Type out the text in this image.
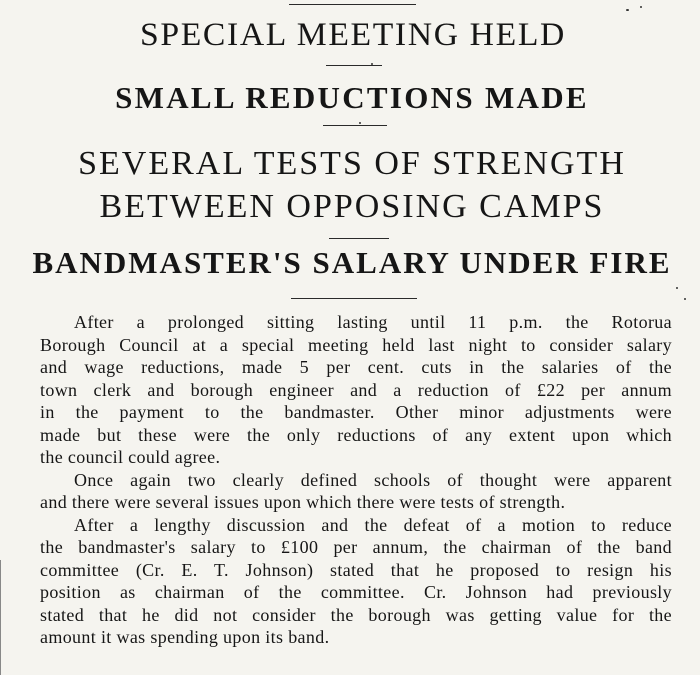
SPECIAL MEETING HELD
SMALL REDUCTIONS MADE
SEVERAL TESTS OF STRENGTH
BETWEEN OPPOSING CAMPS
BANDMASTER'S SALARY UNDER FIRE
After a prolonged sitting lasting until 11 p.m. the Rotorua
Borough Council at a special meeting held last night to consider salary
and wage reductions, made 5 per cent. cuts in the salaries of the
town clerk and borough engineer and a reduction of £22 per annum
in the payment to the bandmaster. Other minor adjustments were
made but these were the only reductions of any extent upon which
the council could agree.
Once again two clearly defined schools of thought were apparent
and there were several issues upon which there were tests of strength.
After a lengthy discussion and the defeat of a motion to reduce
the bandmaster's salary to £100 per annum, the chairman of the band
committee (Cr. E. T. Johnson) stated that he proposed to resign his
position as chairman of the committee. Cr. Johnson had previously
stated that he did not consider the borough was getting value for the
amount it was spending upon its band.
